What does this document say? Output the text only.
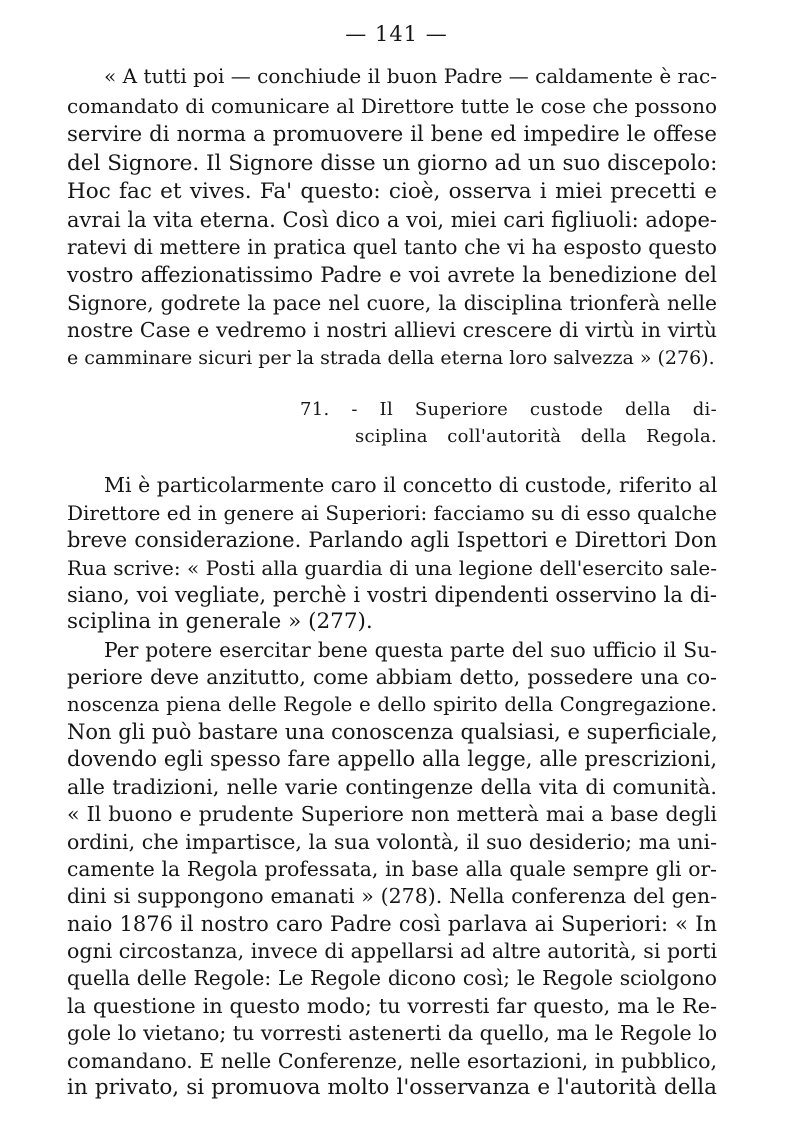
— 141 —
« A tutti poi — conchiude il buon Padre — caldamente è rac-
comandato di comunicare al Direttore tutte le cose che possono
servire di norma a promuovere il bene ed impedire le offese
del Signore. Il Signore disse un giorno ad un suo discepolo:
Hoc fac et vives. Fa' questo: cioè, osserva i miei precetti e
avrai la vita eterna. Così dico a voi, miei cari figliuoli: adope-
ratevi di mettere in pratica quel tanto che vi ha esposto questo
vostro affezionatissimo Padre e voi avrete la benedizione del
Signore, godrete la pace nel cuore, la disciplina trionferà nelle
nostre Case e vedremo i nostri allievi crescere di virtù in virtù
e camminare sicuri per la strada della eterna loro salvezza » (276).
71. - Il Superiore custode della di-
sciplina coll'autorità della Regola.
Mi è particolarmente caro il concetto di custode, riferito al
Direttore ed in genere ai Superiori: facciamo su di esso qualche
breve considerazione. Parlando agli Ispettori e Direttori Don
Rua scrive: « Posti alla guardia di una legione dell'esercito sale-
siano, voi vegliate, perchè i vostri dipendenti osservino la di-
sciplina in generale » (277).
Per potere esercitar bene questa parte del suo ufficio il Su-
periore deve anzitutto, come abbiam detto, possedere una co-
noscenza piena delle Regole e dello spirito della Congregazione.
Non gli può bastare una conoscenza qualsiasi, e superficiale,
dovendo egli spesso fare appello alla legge, alle prescrizioni,
alle tradizioni, nelle varie contingenze della vita di comunità.
« Il buono e prudente Superiore non metterà mai a base degli
ordini, che impartisce, la sua volontà, il suo desiderio; ma uni-
camente la Regola professata, in base alla quale sempre gli or-
dini si suppongono emanati » (278). Nella conferenza del gen-
naio 1876 il nostro caro Padre così parlava ai Superiori: « In
ogni circostanza, invece di appellarsi ad altre autorità, si porti
quella delle Regole: Le Regole dicono così; le Regole sciolgono
la questione in questo modo; tu vorresti far questo, ma le Re-
gole lo vietano; tu vorresti astenerti da quello, ma le Regole lo
comandano. E nelle Conferenze, nelle esortazioni, in pubblico,
in privato, si promuova molto l'osservanza e l'autorità della
